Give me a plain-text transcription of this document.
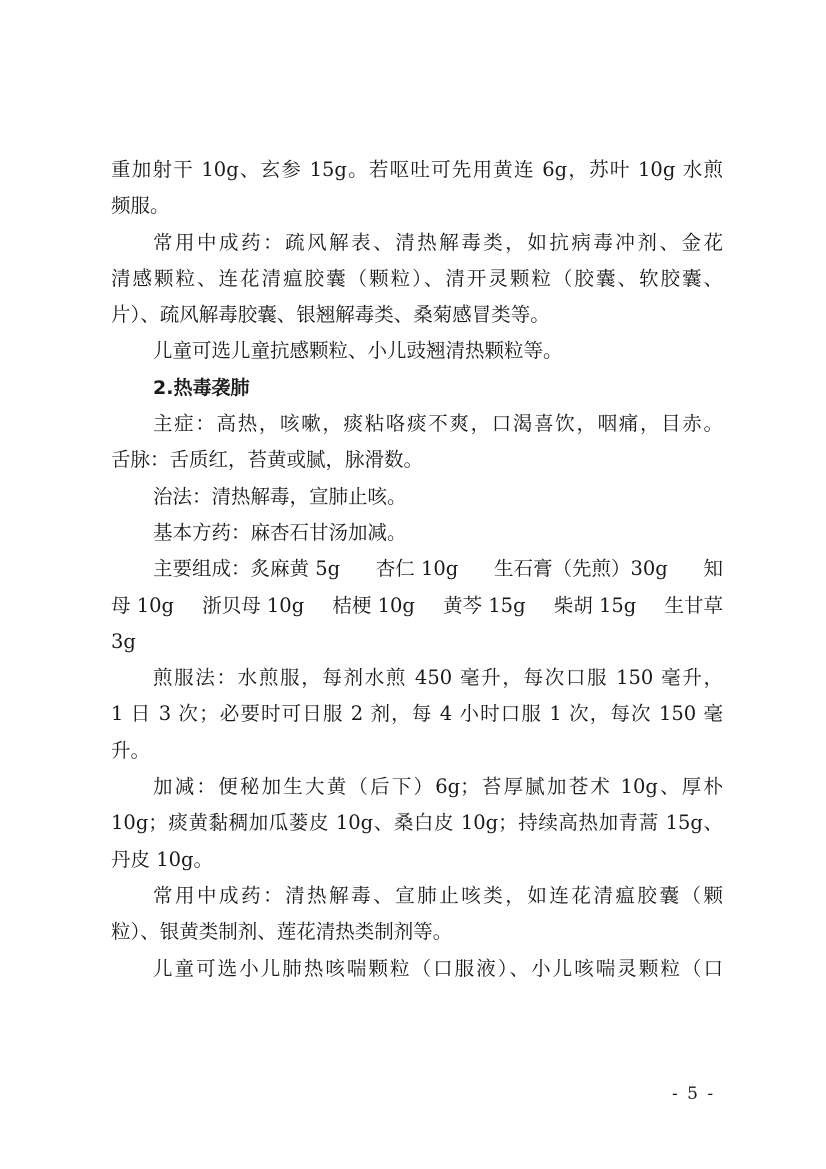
重加射干 10g、玄参 15g。若呕吐可先用黄连 6g，苏叶 10g 水煎
频服。
常用中成药：疏风解表、清热解毒类，如抗病毒冲剂、金花
清感颗粒、连花清瘟胶囊（颗粒）、清开灵颗粒（胶囊、软胶囊、
片）、疏风解毒胶囊、银翘解毒类、桑菊感冒类等。
儿童可选儿童抗感颗粒、小儿豉翘清热颗粒等。
2.热毒袭肺
主症：高热，咳嗽，痰粘咯痰不爽，口渴喜饮，咽痛，目赤。
舌脉：舌质红，苔黄或腻，脉滑数。
治法：清热解毒，宣肺止咳。
基本方药：麻杏石甘汤加减。
主要组成：炙麻黄 5g 杏仁 10g 生石膏（先煎）30g 知
母 10g 浙贝母 10g 桔梗 10g 黄芩 15g 柴胡 15g 生甘草
3g
煎服法：水煎服，每剂水煎 450 毫升，每次口服 150 毫升，
1 日 3 次；必要时可日服 2 剂，每 4 小时口服 1 次，每次 150 毫
升。
加减：便秘加生大黄（后下）6g；苔厚腻加苍术 10g、厚朴
10g；痰黄黏稠加瓜蒌皮 10g、桑白皮 10g；持续高热加青蒿 15g、
丹皮 10g。
常用中成药：清热解毒、宣肺止咳类，如连花清瘟胶囊（颗
粒）、银黄类制剂、莲花清热类制剂等。
儿童可选小儿肺热咳喘颗粒（口服液）、小儿咳喘灵颗粒（口
- 5 -
